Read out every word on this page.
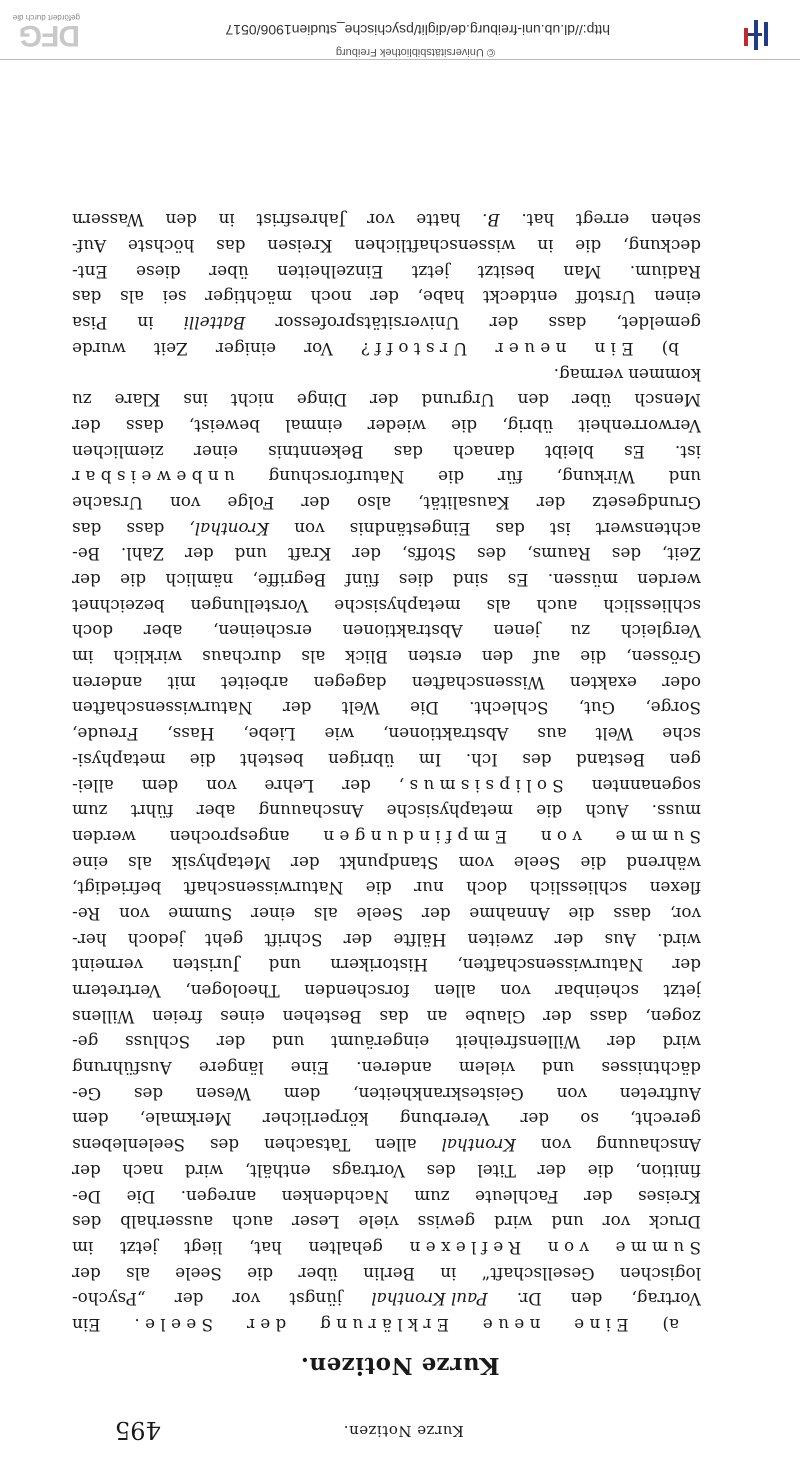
Kurze Notizen.
495
Kurze Notizen.
a)
E i n e
n e u e
E r k l ä r u n g
d e r
S e e l e .
Ein
Vortrag,
den
Dr.
Paul Kronthal
jüngst
vor
der
„Psycho-
logischen
Gesellschaft“
in
Berlin
über
die
Seele
als
der
S u m m e
v o n
R e f l e x e n
gehalten
hat,
liegt
jetzt
im
Druck
vor
und
wird
gewiss
viele
Leser
auch
ausserhalb
des
Kreises
der
Fachleute
zum
Nachdenken
anregen.
Die
De-
finition,
die
der
Titel
des
Vortrags
enthält,
wird
nach
der
Anschauung
von
Kronthal
allen
Tatsachen
des
Seelenlebens
gerecht,
so
der
Vererbung
körperlicher
Merkmale,
dem
Auftreten
von
Geisteskrankheiten,
dem
Wesen
des
Ge-
dächtnisses
und
vielem
anderen.
Eine
längere
Ausführung
wird
der
Willensfreiheit
eingeräumt
und
der
Schluss
ge-
zogen,
dass
der
Glaube
an
das
Bestehen
eines
freien
Willens
jetzt
scheinbar
von
allen
forschenden
Theologen,
Vertretern
der
Naturwissenschaften,
Historikern
und
Juristen
verneint
wird.
Aus
der
zweiten
Hälfte
der
Schrift
geht
jedoch
her-
vor,
dass
die
Annahme
der
Seele
als
einer
Summe
von
Re-
flexen
schliesslich
doch
nur
die
Naturwissenschaft
befriedigt,
während
die
Seele
vom
Standpunkt
der
Metaphysik
als
eine
S u m m e
v o n
E m p f i n d u n g e n
angesprochen
werden
muss.
Auch
die
metaphysische
Anschauung
aber
führt
zum
sogenannten
S o l i p s i s m u s ,
der
Lehre
von
dem
allei-
gen
Bestand
des
Ich.
Im
übrigen
besteht
die
metaphysi-
sche
Welt
aus
Abstraktionen,
wie
Liebe,
Hass,
Freude,
Sorge,
Gut,
Schlecht.
Die
Welt
der
Naturwissenschaften
oder
exakten
Wissenschaften
dagegen
arbeitet
mit
anderen
Grössen,
die
auf
den
ersten
Blick
als
durchaus
wirklich
im
Vergleich
zu
jenen
Abstraktionen
erscheinen,
aber
doch
schliesslich
auch
als
metaphysische
Vorstellungen
bezeichnet
werden
müssen.
Es
sind
dies
fünf
Begriffe,
nämlich
die
der
Zeit,
des
Raums,
des
Stoffs,
der
Kraft
und
der
Zahl.
Be-
achtenswert
ist
das
Eingeständnis
von
Kronthal,
dass
das
Grundgesetz
der
Kausalität,
also
der
Folge
von
Ursache
und
Wirkung,
für
die
Naturforschung
u n b e w e i s b a r
ist.
Es
bleibt
danach
das
Bekenntnis
einer
ziemlichen
Verworrenheit
übrig,
die
wieder
einmal
beweist,
dass
der
Mensch
über
den
Urgrund
der
Dinge
nicht
ins
Klare
zu
kommen
vermag.
b)
E i n
n e u e r
U r s t o f f ?
Vor
einiger
Zeit
wurde
gemeldet,
dass
der
Universitätsprofessor
Battelli
in
Pisa
einen
Urstoff
entdeckt
habe,
der
noch
mächtiger
sei
als
das
Radium.
Man
besitzt
jetzt
Einzelheiten
über
diese
Ent-
deckung,
die
in
wissenschaftlichen
Kreisen
das
höchste
Auf-
sehen
erregt
hat.
B.
hatte
vor
Jahresfrist
in
den
Wassern
http://dl.ub.uni-freiburg.de/diglit/psychische_studien1906/0517
© Universitätsbibliothek Freiburg
DFG
gefördert durch die
